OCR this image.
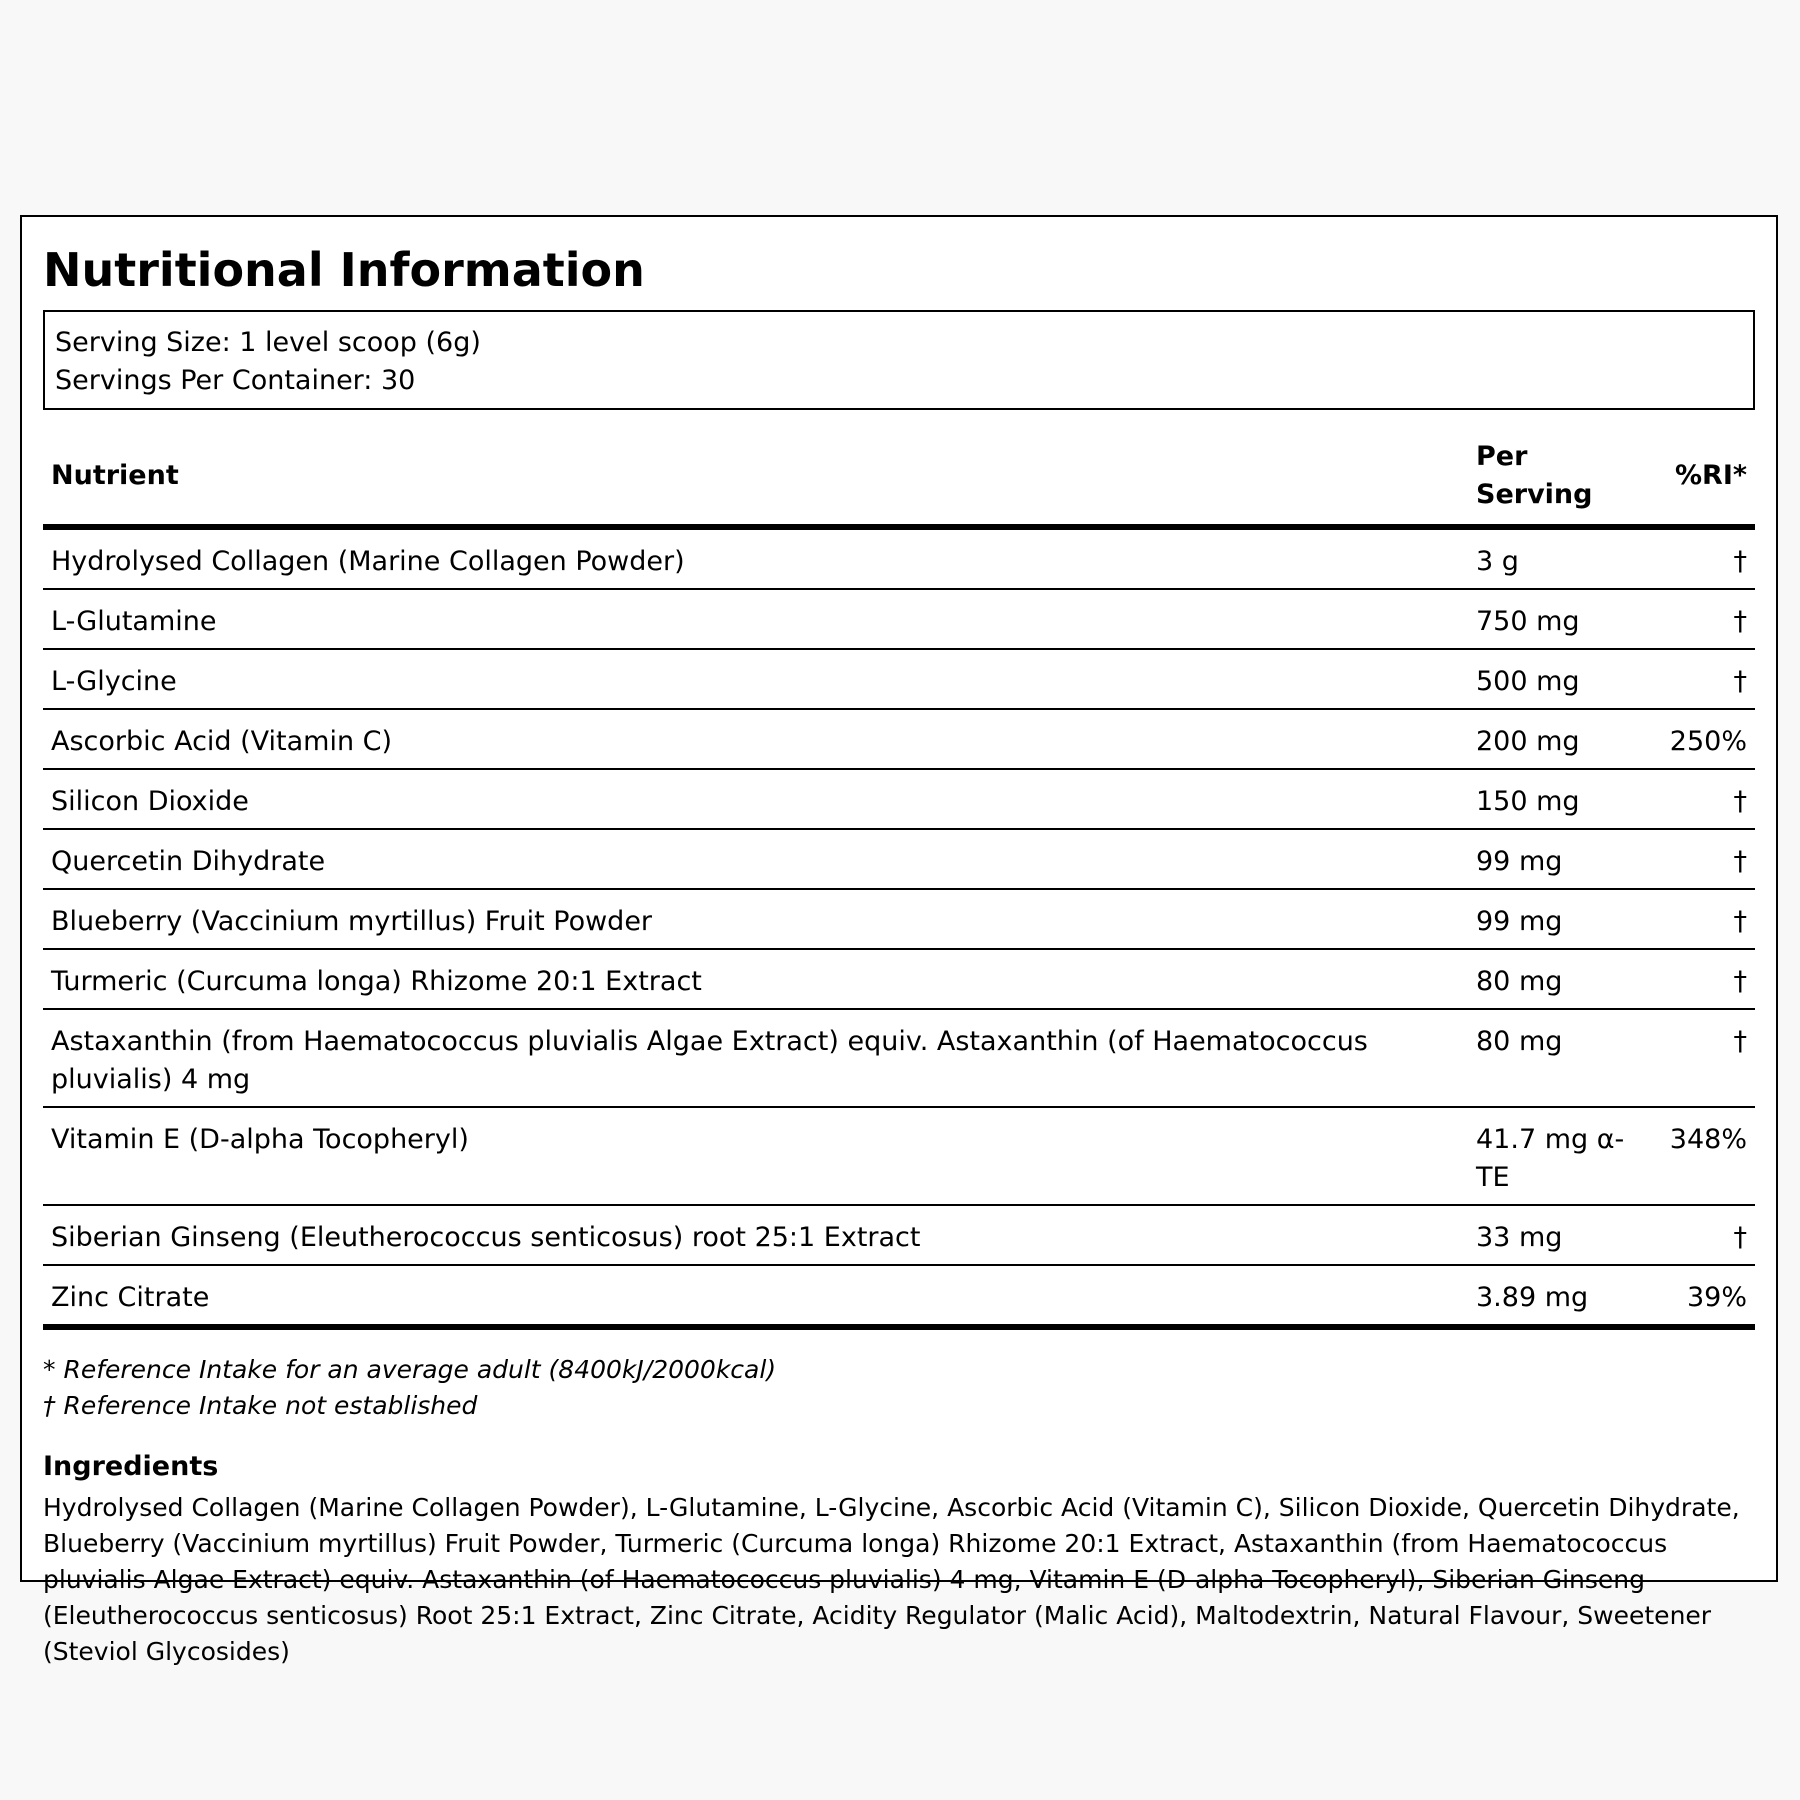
Nutritional Information
Serving Size: 1 level scoop (6g)
Servings Per Container: 30
Nutrient	Per Serving	%RI*
Hydrolysed Collagen (Marine Collagen Powder)	3 g	†
L-Glutamine	750 mg	†
L-Glycine	500 mg	†
Ascorbic Acid (Vitamin C)	200 mg	250%
Silicon Dioxide	150 mg	†
Quercetin Dihydrate	99 mg	†
Blueberry (Vaccinium myrtillus) Fruit Powder	99 mg	†
Turmeric (Curcuma longa) Rhizome 20:1 Extract	80 mg	†
Astaxanthin (from Haematococcus pluvialis Algae Extract) equiv. Astaxanthin (of Haematococcus pluvialis) 4 mg	80 mg	†
Vitamin E (D-alpha Tocopheryl)	41.7 mg α-TE	348%
Siberian Ginseng (Eleutherococcus senticosus) root 25:1 Extract	33 mg	†
Zinc Citrate	3.89 mg	39%
* Reference Intake for an average adult (8400kJ/2000kcal)
† Reference Intake not established
Ingredients
Hydrolysed Collagen (Marine Collagen Powder), L-Glutamine, L-Glycine, Ascorbic Acid (Vitamin C), Silicon Dioxide, Quercetin Dihydrate, Blueberry (Vaccinium myrtillus) Fruit Powder, Turmeric (Curcuma longa) Rhizome 20:1 Extract, Astaxanthin (from Haematococcus pluvialis Algae Extract) equiv. Astaxanthin (of Haematococcus pluvialis) 4 mg, Vitamin E (D-alpha Tocopheryl), Siberian Ginseng (Eleutherococcus senticosus) Root 25:1 Extract, Zinc Citrate, Acidity Regulator (Malic Acid), Maltodextrin, Natural Flavour, Sweetener (Steviol Glycosides)
